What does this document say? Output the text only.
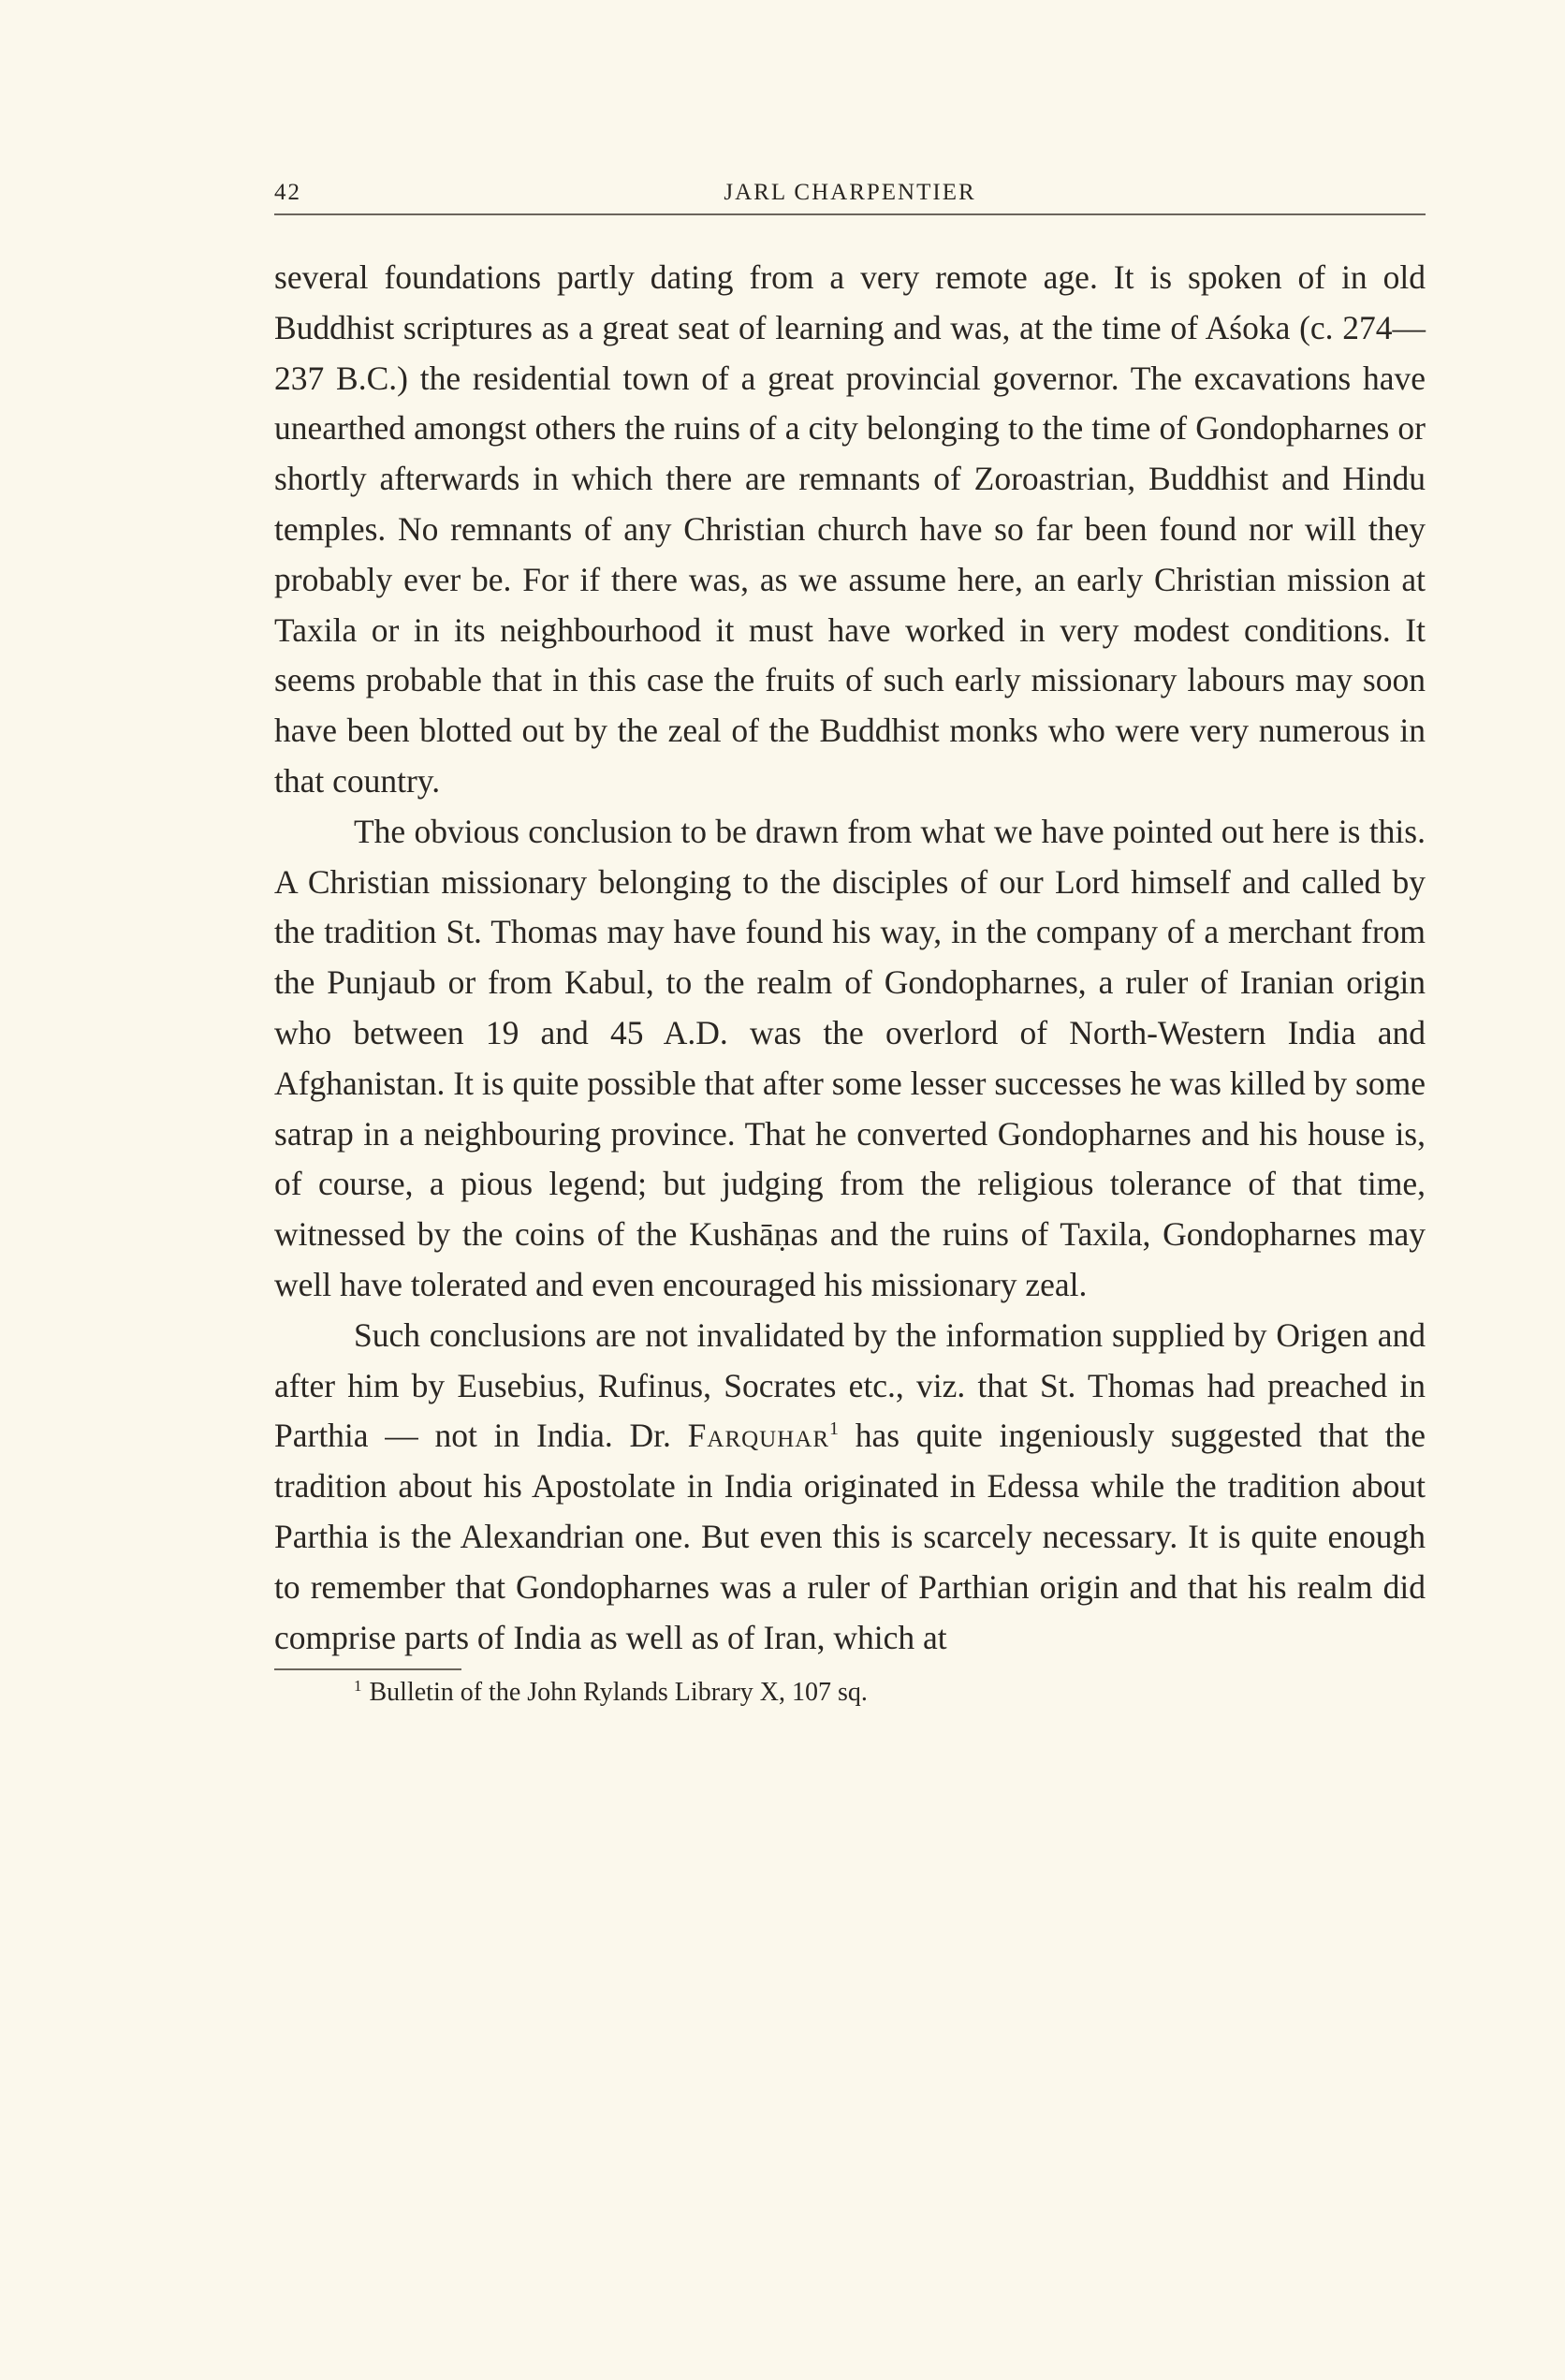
42	JARL CHARPENTIER

several foundations partly dating from a very remote age. It is spoken of in old Buddhist scriptures as a great seat of learning and was, at the time of Aśoka (c. 274—237 B.C.) the residential town of a great provincial governor. The excavations have unearthed amongst others the ruins of a city belonging to the time of Gondopharnes or shortly afterwards in which there are remnants of Zoroastrian, Buddhist and Hindu temples. No remnants of any Christian church have so far been found nor will they probably ever be. For if there was, as we assume here, an early Christian mission at Taxila or in its neighbourhood it must have worked in very modest conditions. It seems probable that in this case the fruits of such early missionary labours may soon have been blotted out by the zeal of the Buddhist monks who were very numerous in that country.

The obvious conclusion to be drawn from what we have pointed out here is this. A Christian missionary belonging to the disciples of our Lord himself and called by the tradition St. Thomas may have found his way, in the company of a merchant from the Punjaub or from Kabul, to the realm of Gondopharnes, a ruler of Iranian origin who between 19 and 45 A.D. was the overlord of North-Western India and Afghanistan. It is quite possible that after some lesser successes he was killed by some satrap in a neighbouring province. That he converted Gondopharnes and his house is, of course, a pious legend; but judging from the religious tolerance of that time, witnessed by the coins of the Kushāṇas and the ruins of Taxila, Gondopharnes may well have tolerated and even encouraged his missionary zeal.

Such conclusions are not invalidated by the information supplied by Origen and after him by Eusebius, Rufinus, Socrates etc., viz. that St. Thomas had preached in Parthia — not in India. Dr. Farquhar$^1$ has quite ingeniously suggested that the tradition about his Apostolate in India originated in Edessa while the tradition about Parthia is the Alexandrian one. But even this is scarcely necessary. It is quite enough to remember that Gondopharnes was a ruler of Parthian origin and that his realm did comprise parts of India as well as of Iran, which at

$^1$ Bulletin of the John Rylands Library X, 107 sq.
